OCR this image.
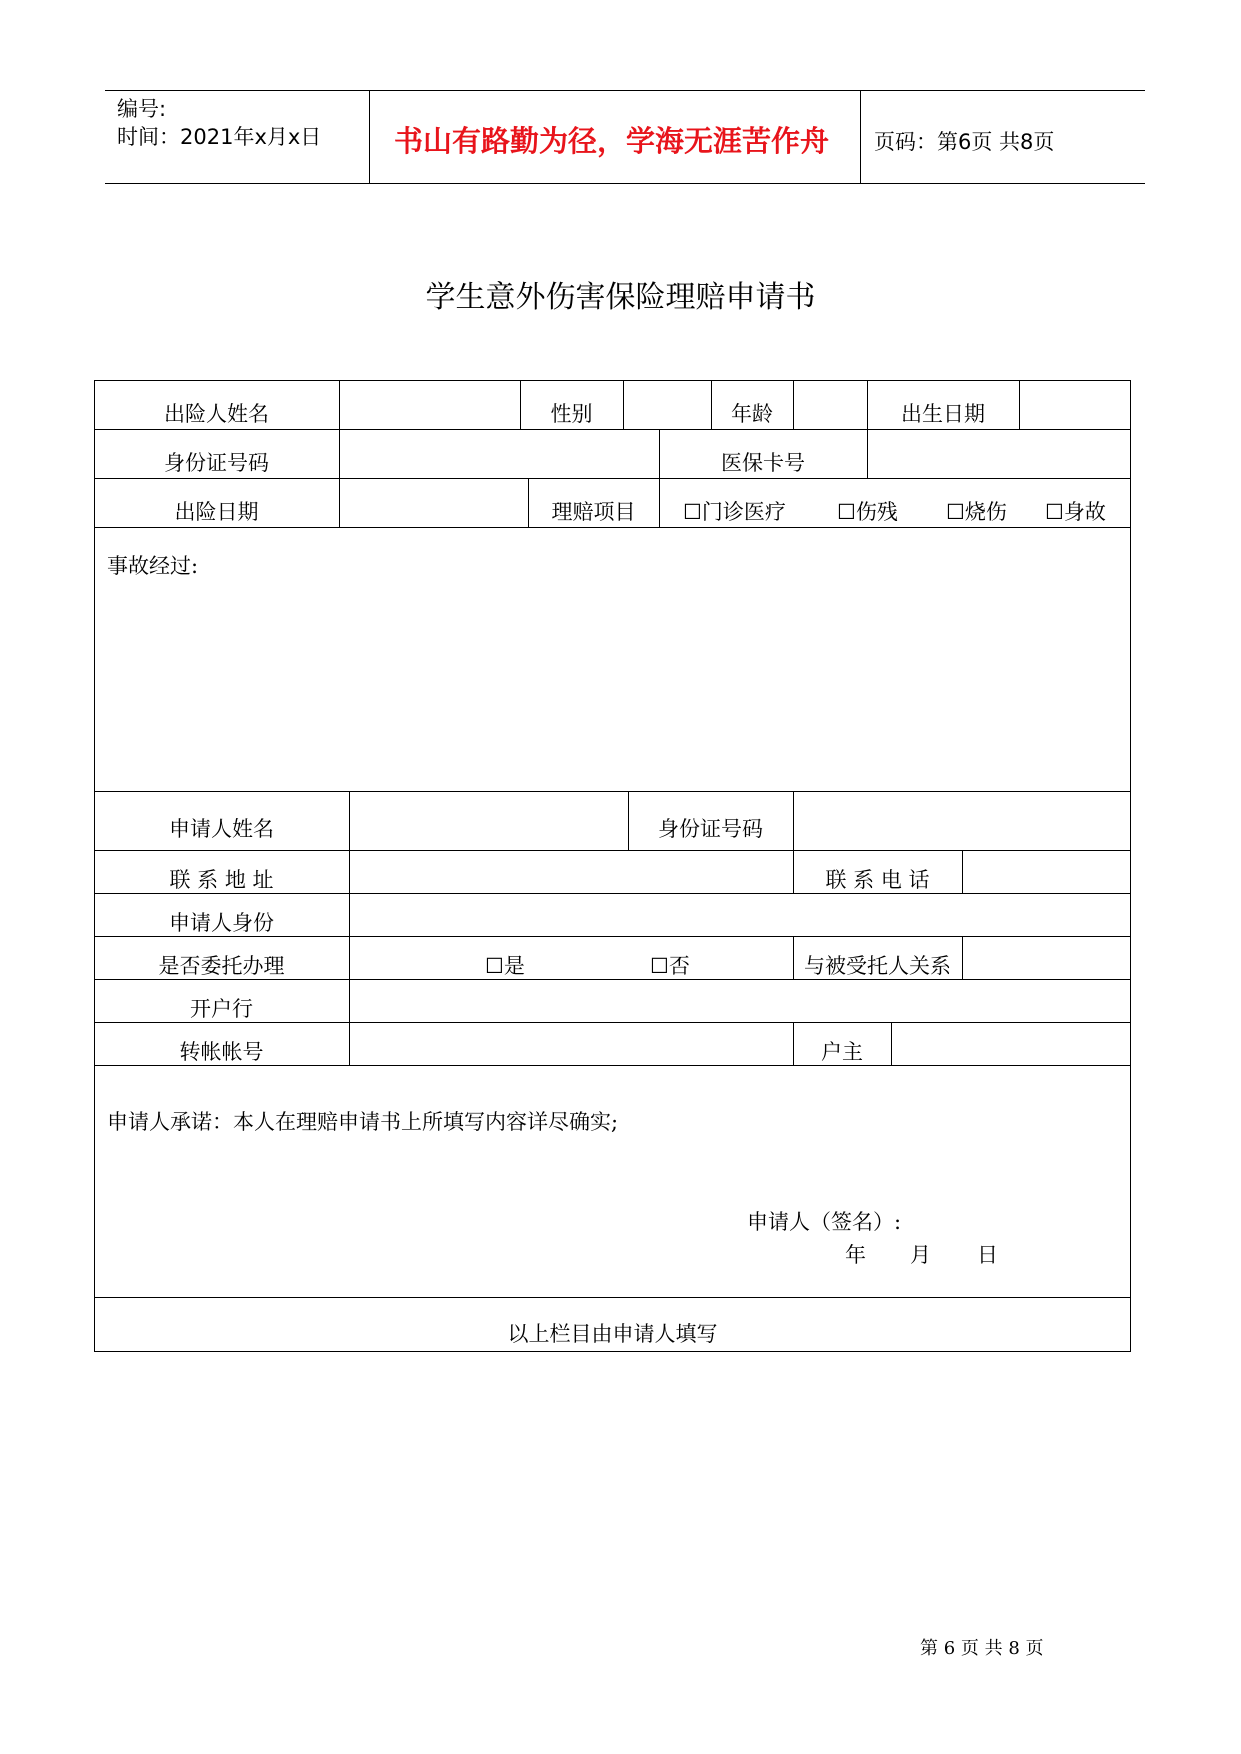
编号:
时间：2021年x月x日	书山有路勤为径，学海无涯苦作舟 页码：第6页 共8页
学生意外伤害保险理赔申请书
出险人姓名	性别	年龄	出生日期
身份证号码	医保卡号
出险日期	理赔项目	☐门诊医疗 ☐伤残 ☐烧伤 ☐身故
事故经过:
申请人姓名	身份证号码
联 系 地 址	联 系 电 话
申请人身份
是否委托办理	☐是	☐否	与被受托人关系
开户行
转帐帐号	户主
申请人承诺：本人在理赔申请书上所填写内容详尽确实;
申请人（签名）:
年 月 日
以上栏目由申请人填写
第 6 页 共 8 页
